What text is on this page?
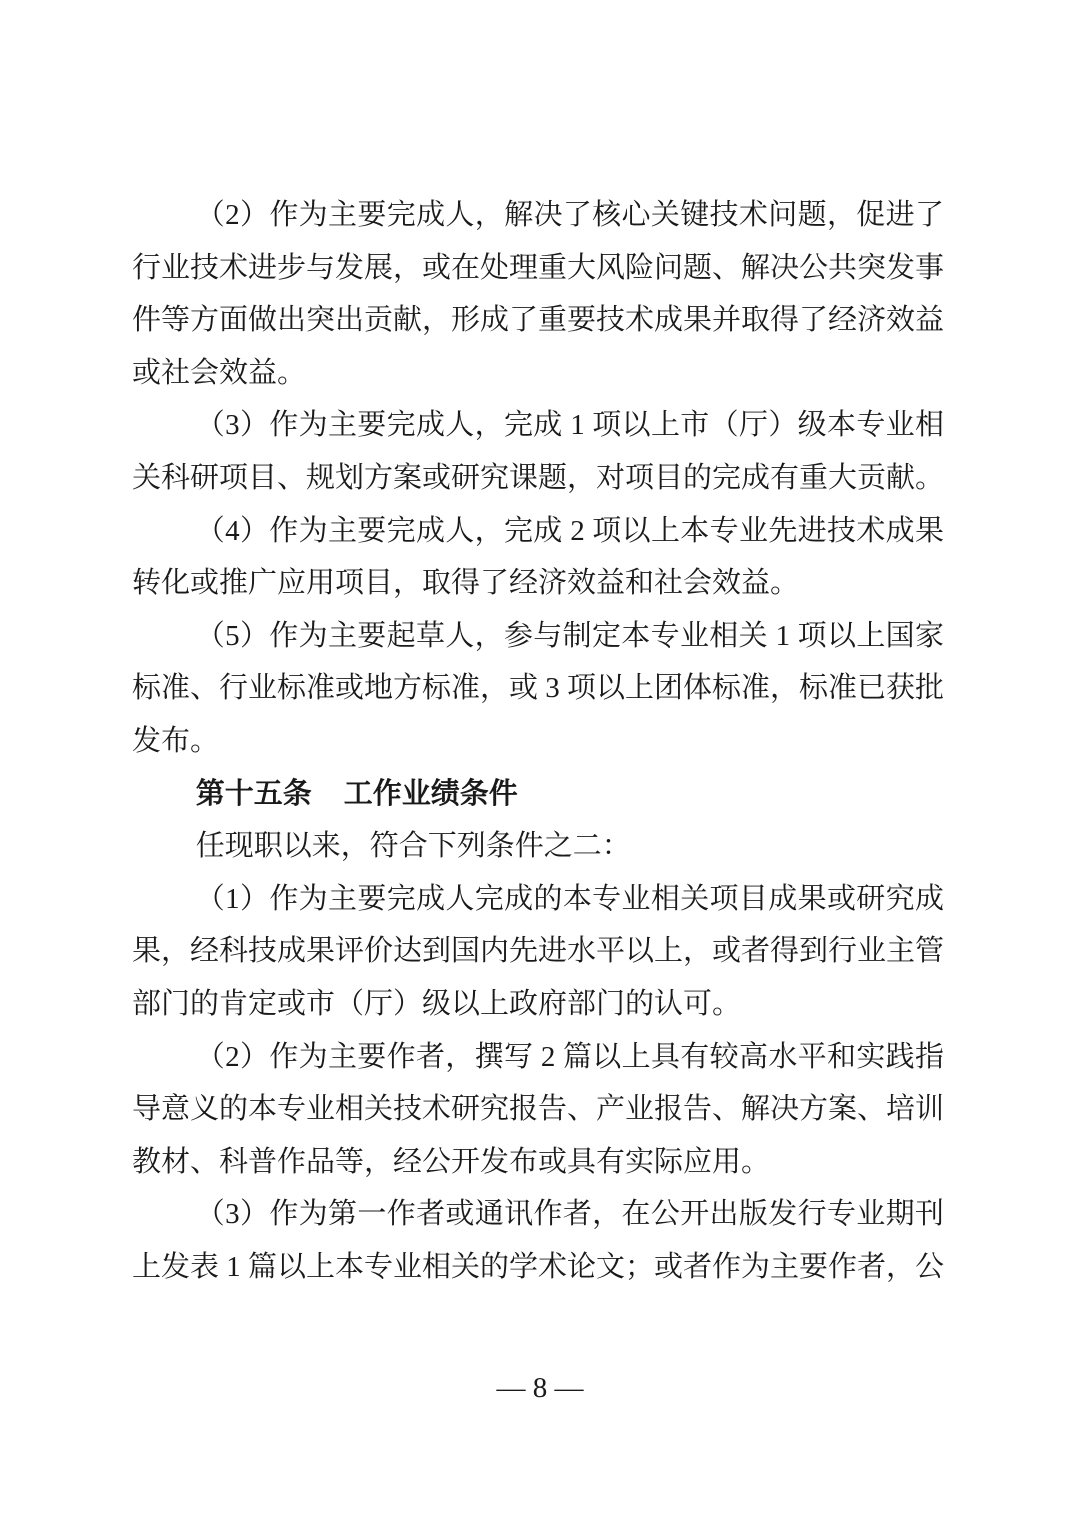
（2）作为主要完成人，解决了核心关键技术问题，促进了行业技术进步与发展，或在处理重大风险问题、解决公共突发事件等方面做出突出贡献，形成了重要技术成果并取得了经济效益或社会效益。

（3）作为主要完成人，完成 1 项以上市（厅）级本专业相关科研项目、规划方案或研究课题，对项目的完成有重大贡献。

（4）作为主要完成人，完成 2 项以上本专业先进技术成果转化或推广应用项目，取得了经济效益和社会效益。

（5）作为主要起草人，参与制定本专业相关 1 项以上国家标准、行业标准或地方标准，或 3 项以上团体标准，标准已获批发布。

第十五条 工作业绩条件

任现职以来，符合下列条件之二：

（1）作为主要完成人完成的本专业相关项目成果或研究成果，经科技成果评价达到国内先进水平以上，或者得到行业主管部门的肯定或市（厅）级以上政府部门的认可。

（2）作为主要作者，撰写 2 篇以上具有较高水平和实践指导意义的本专业相关技术研究报告、产业报告、解决方案、培训教材、科普作品等，经公开发布或具有实际应用。

（3）作为第一作者或通讯作者，在公开出版发行专业期刊上发表 1 篇以上本专业相关的学术论文；或者作为主要作者，公

— 8 —
